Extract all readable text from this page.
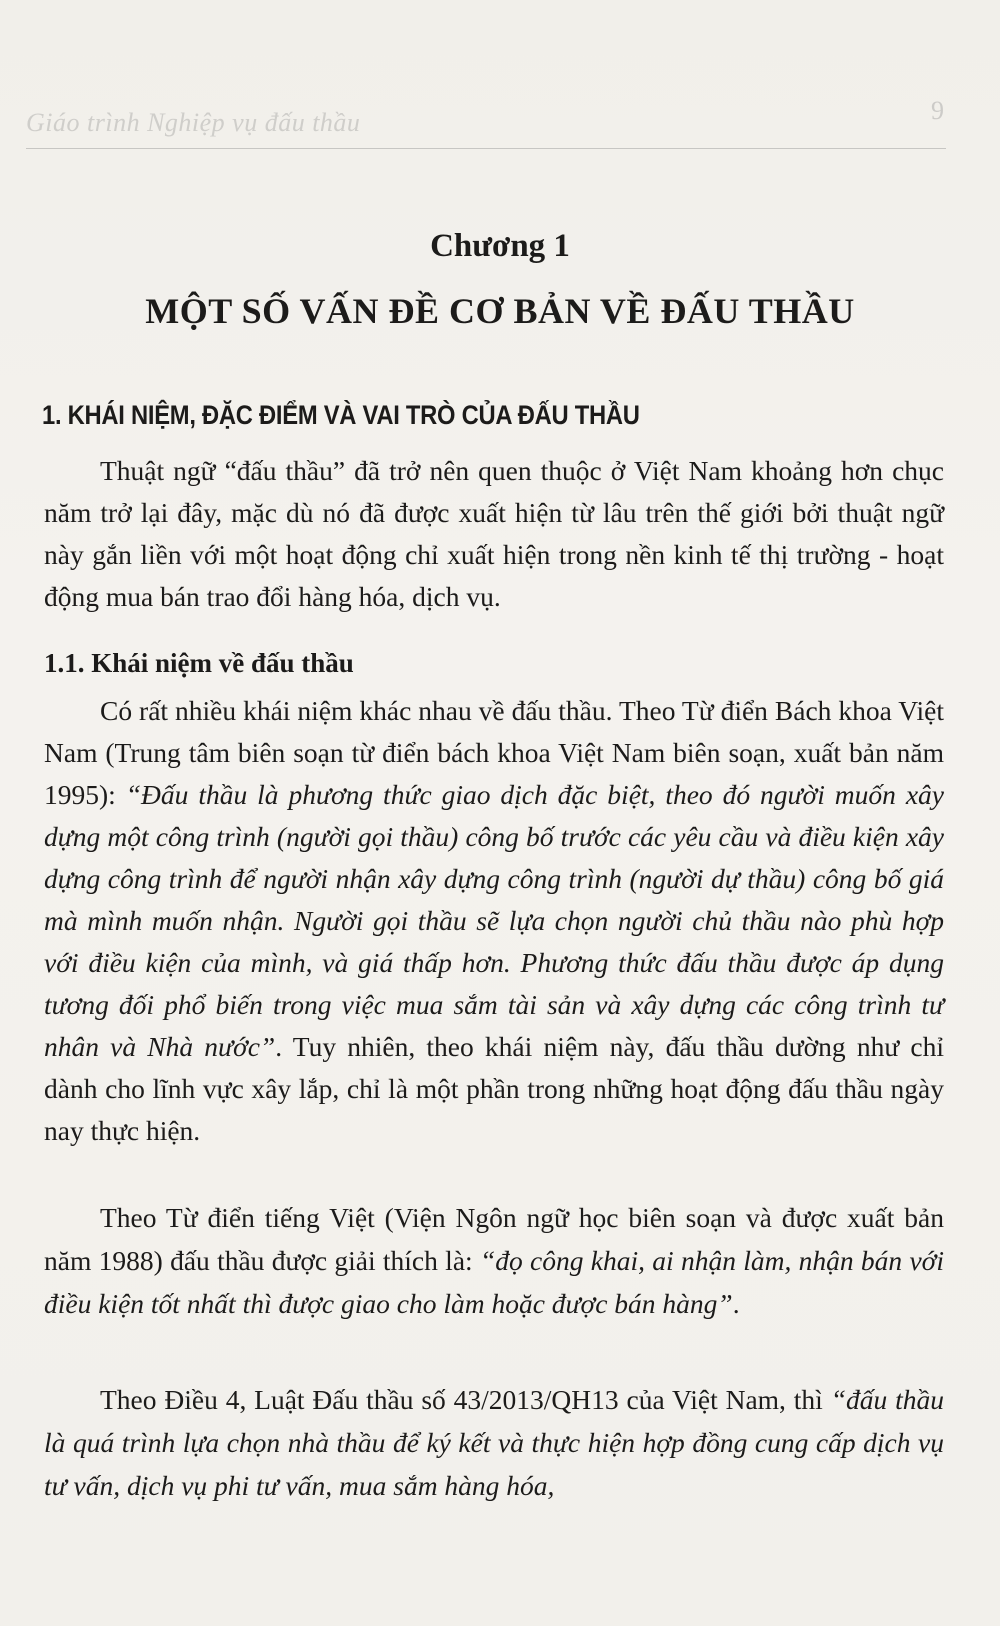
9
Giáo trình Nghiệp vụ đấu thầu
Chương 1
MỘT SỐ VẤN ĐỀ CƠ BẢN VỀ ĐẤU THẦU
1. KHÁI NIỆM, ĐẶC ĐIỂM VÀ VAI TRÒ CỦA ĐẤU THẦU

Thuật ngữ “đấu thầu” đã trở nên quen thuộc ở Việt Nam khoảng hơn chục năm trở lại đây, mặc dù nó đã được xuất hiện từ lâu trên thế giới bởi thuật ngữ này gắn liền với một hoạt động chỉ xuất hiện trong nền kinh tế thị trường - hoạt động mua bán trao đổi hàng hóa, dịch vụ.

1.1. Khái niệm về đấu thầu

Có rất nhiều khái niệm khác nhau về đấu thầu. Theo Từ điển Bách khoa Việt Nam (Trung tâm biên soạn từ điển bách khoa Việt Nam biên soạn, xuất bản năm 1995): “Đấu thầu là phương thức giao dịch đặc biệt, theo đó người muốn xây dựng một công trình (người gọi thầu) công bố trước các yêu cầu và điều kiện xây dựng công trình để người nhận xây dựng công trình (người dự thầu) công bố giá mà mình muốn nhận. Người gọi thầu sẽ lựa chọn người chủ thầu nào phù hợp với điều kiện của mình, và giá thấp hơn. Phương thức đấu thầu được áp dụng tương đối phổ biến trong việc mua sắm tài sản và xây dựng các công trình tư nhân và Nhà nước”. Tuy nhiên, theo khái niệm này, đấu thầu dường như chỉ dành cho lĩnh vực xây lắp, chỉ là một phần trong những hoạt động đấu thầu ngày nay thực hiện.

Theo Từ điển tiếng Việt (Viện Ngôn ngữ học biên soạn và được xuất bản năm 1988) đấu thầu được giải thích là: “đọ công khai, ai nhận làm, nhận bán với điều kiện tốt nhất thì được giao cho làm hoặc được bán hàng”.

Theo Điều 4, Luật Đấu thầu số 43/2013/QH13 của Việt Nam, thì “đấu thầu là quá trình lựa chọn nhà thầu để ký kết và thực hiện hợp đồng cung cấp dịch vụ tư vấn, dịch vụ phi tư vấn, mua sắm hàng hóa,
